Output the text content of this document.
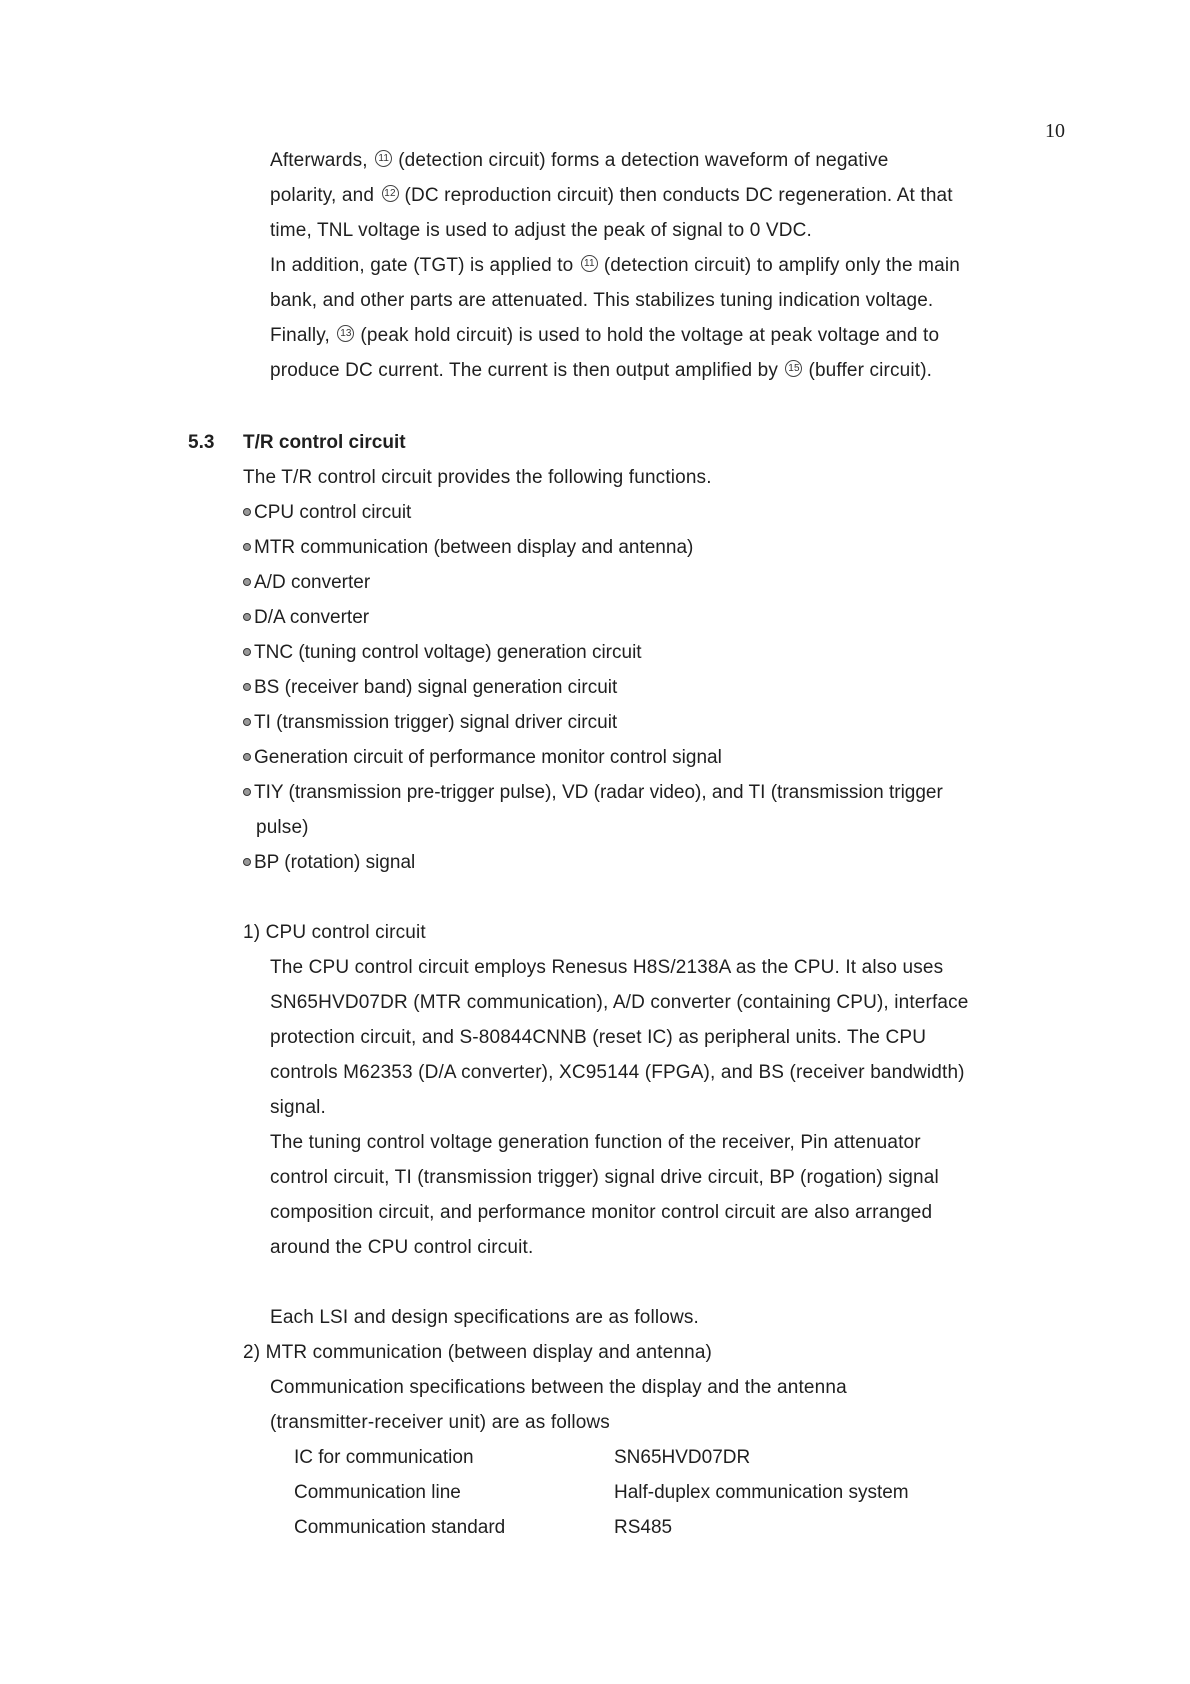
10
Afterwards, 11 (detection circuit) forms a detection waveform of negative
polarity, and 12 (DC reproduction circuit) then conducts DC regeneration. At that
time, TNL voltage is used to adjust the peak of signal to 0 VDC.
In addition, gate (TGT) is applied to 11 (detection circuit) to amplify only the main
bank, and other parts are attenuated. This stabilizes tuning indication voltage.
Finally, 13 (peak hold circuit) is used to hold the voltage at peak voltage and to
produce DC current. The current is then output amplified by 15 (buffer circuit).
5.3 T/R control circuit
The T/R control circuit provides the following functions.
CPU control circuit
MTR communication (between display and antenna)
A/D converter
D/A converter
TNC (tuning control voltage) generation circuit
BS (receiver band) signal generation circuit
TI (transmission trigger) signal driver circuit
Generation circuit of performance monitor control signal
TIY (transmission pre-trigger pulse), VD (radar video), and TI (transmission trigger
pulse)
BP (rotation) signal
1) CPU control circuit
The CPU control circuit employs Renesus H8S/2138A as the CPU. It also uses
SN65HVD07DR (MTR communication), A/D converter (containing CPU), interface
protection circuit, and S-80844CNNB (reset IC) as peripheral units. The CPU
controls M62353 (D/A converter), XC95144 (FPGA), and BS (receiver bandwidth)
signal.
The tuning control voltage generation function of the receiver, Pin attenuator
control circuit, TI (transmission trigger) signal drive circuit, BP (rogation) signal
composition circuit, and performance monitor control circuit are also arranged
around the CPU control circuit.
Each LSI and design specifications are as follows.
2) MTR communication (between display and antenna)
Communication specifications between the display and the antenna
(transmitter-receiver unit) are as follows
IC for communication	SN65HVD07DR
Communication line	Half-duplex communication system
Communication standard	RS485
